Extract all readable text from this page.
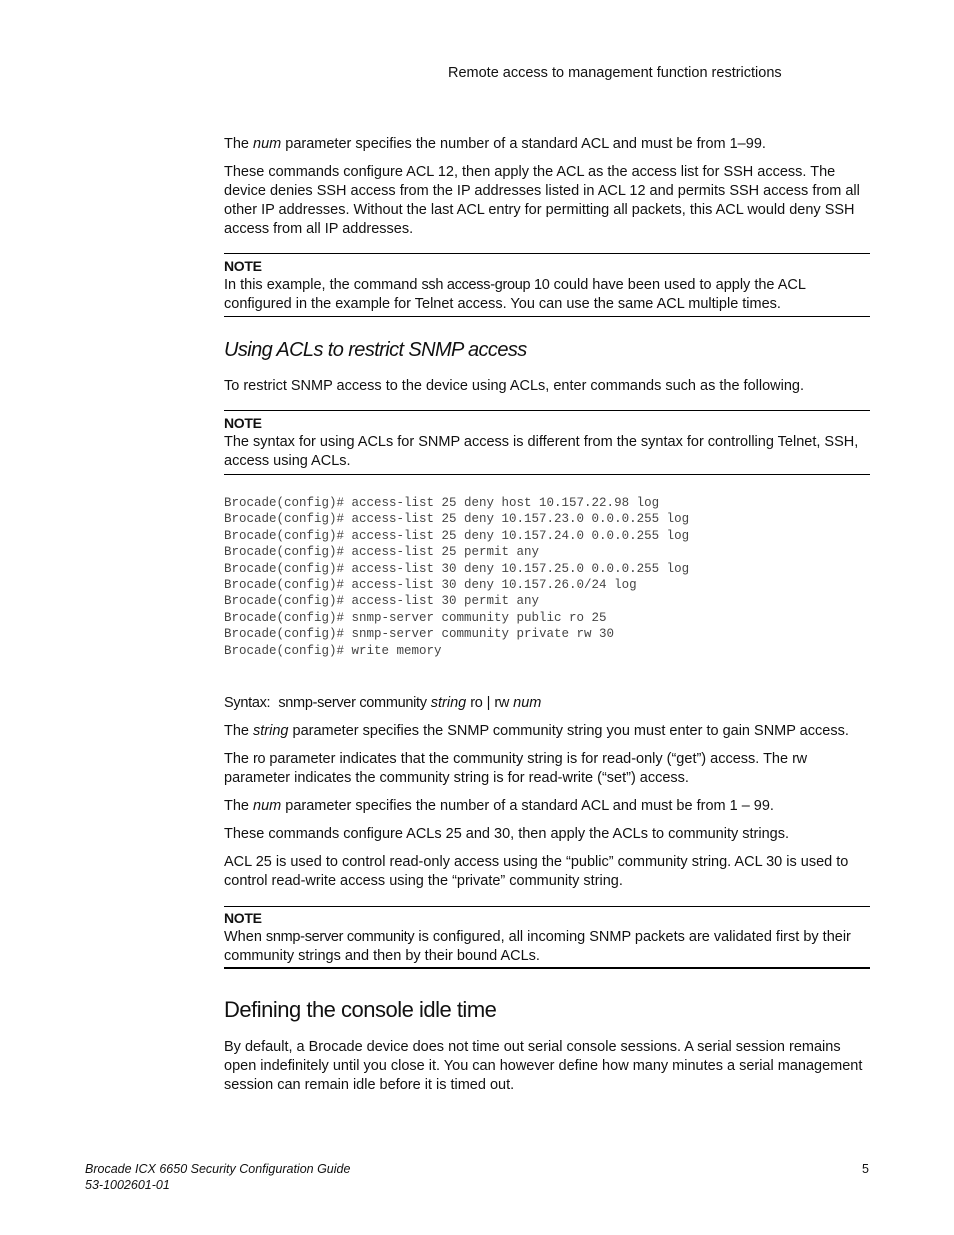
Remote access to management function restrictions

The num parameter specifies the number of a standard ACL and must be from 1–99.

These commands configure ACL 12, then apply the ACL as the access list for SSH access. The device denies SSH access from the IP addresses listed in ACL 12 and permits SSH access from all other IP addresses. Without the last ACL entry for permitting all packets, this ACL would deny SSH access from all IP addresses.

NOTE

In this example, the command ssh access-group 10 could have been used to apply the ACL configured in the example for Telnet access. You can use the same ACL multiple times.

Using ACLs to restrict SNMP access

To restrict SNMP access to the device using ACLs, enter commands such as the following.

NOTE

The syntax for using ACLs for SNMP access is different from the syntax for controlling Telnet, SSH, access using ACLs.

Brocade(config)# access-list 25 deny host 10.157.22.98 log
Brocade(config)# access-list 25 deny 10.157.23.0 0.0.0.255 log
Brocade(config)# access-list 25 deny 10.157.24.0 0.0.0.255 log
Brocade(config)# access-list 25 permit any
Brocade(config)# access-list 30 deny 10.157.25.0 0.0.0.255 log
Brocade(config)# access-list 30 deny 10.157.26.0/24 log
Brocade(config)# access-list 30 permit any
Brocade(config)# snmp-server community public ro 25
Brocade(config)# snmp-server community private rw 30
Brocade(config)# write memory

Syntax: snmp-server community string ro | rw num

The string parameter specifies the SNMP community string you must enter to gain SNMP access.

The ro parameter indicates that the community string is for read-only (“get”) access. The rw parameter indicates the community string is for read-write (“set”) access.

The num parameter specifies the number of a standard ACL and must be from 1 – 99.

These commands configure ACLs 25 and 30, then apply the ACLs to community strings.

ACL 25 is used to control read-only access using the “public” community string. ACL 30 is used to control read-write access using the “private” community string.

NOTE

When snmp-server community is configured, all incoming SNMP packets are validated first by their community strings and then by their bound ACLs.

Defining the console idle time

By default, a Brocade device does not time out serial console sessions. A serial session remains open indefinitely until you close it. You can however define how many minutes a serial management session can remain idle before it is timed out.

Brocade ICX 6650 Security Configuration Guide
53-1002601-01
5
